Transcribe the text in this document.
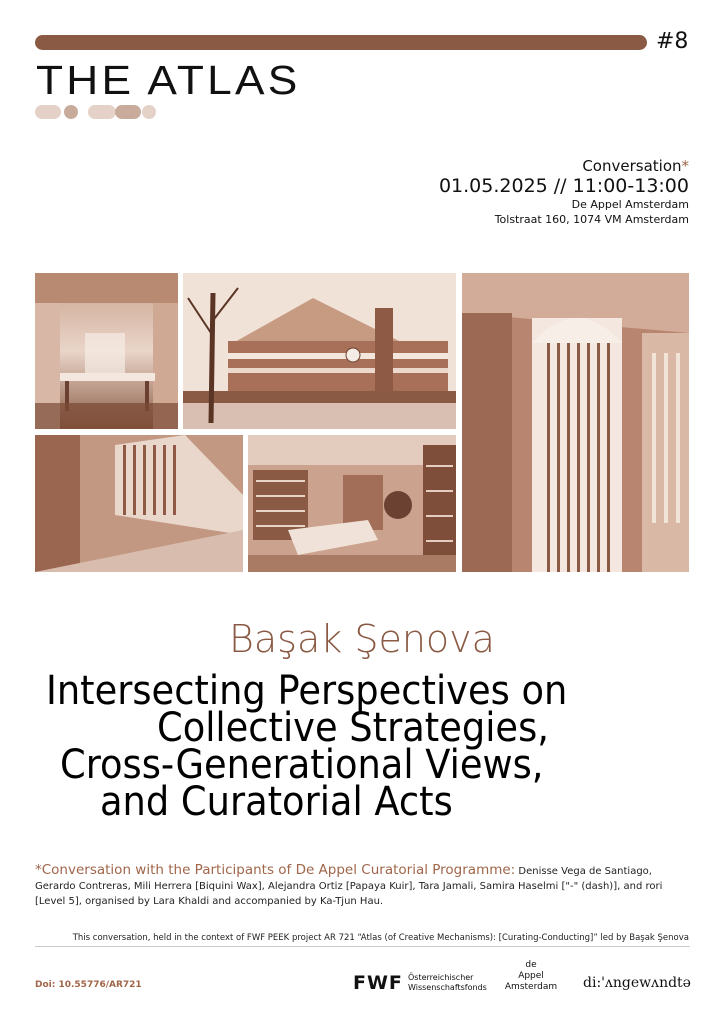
#8
THE ATLAS
Conversation*
01.05.2025 // 11:00-13:00
De Appel Amsterdam
Tolstraat 160, 1074 VM Amsterdam
Başak Şenova
Intersecting Perspectives on
Collective Strategies,
Cross-Generational Views,
and Curatorial Acts
*Conversation with the Participants of De Appel Curatorial Programme: Denisse Vega de Santiago, Gerardo Contreras, Mili Herrera [Biquini Wax], Alejandra Ortiz [Papaya Kuir], Tara Jamali, Samira Haselmi ["-" (dash)], and rori [Level 5], organised by Lara Khaldi and accompanied by Ka-Tjun Hau.
This conversation, held in the context of FWF PEEK project AR 721 “Atlas (of Creative Mechanisms): [Curating-Conducting]” led by Başak Şenova
Doi: 10.55776/AR721	FWF Österreichischer
Wissenschaftsfonds
de
Appel
Amsterdam	di:'ʌngewʌndtə
